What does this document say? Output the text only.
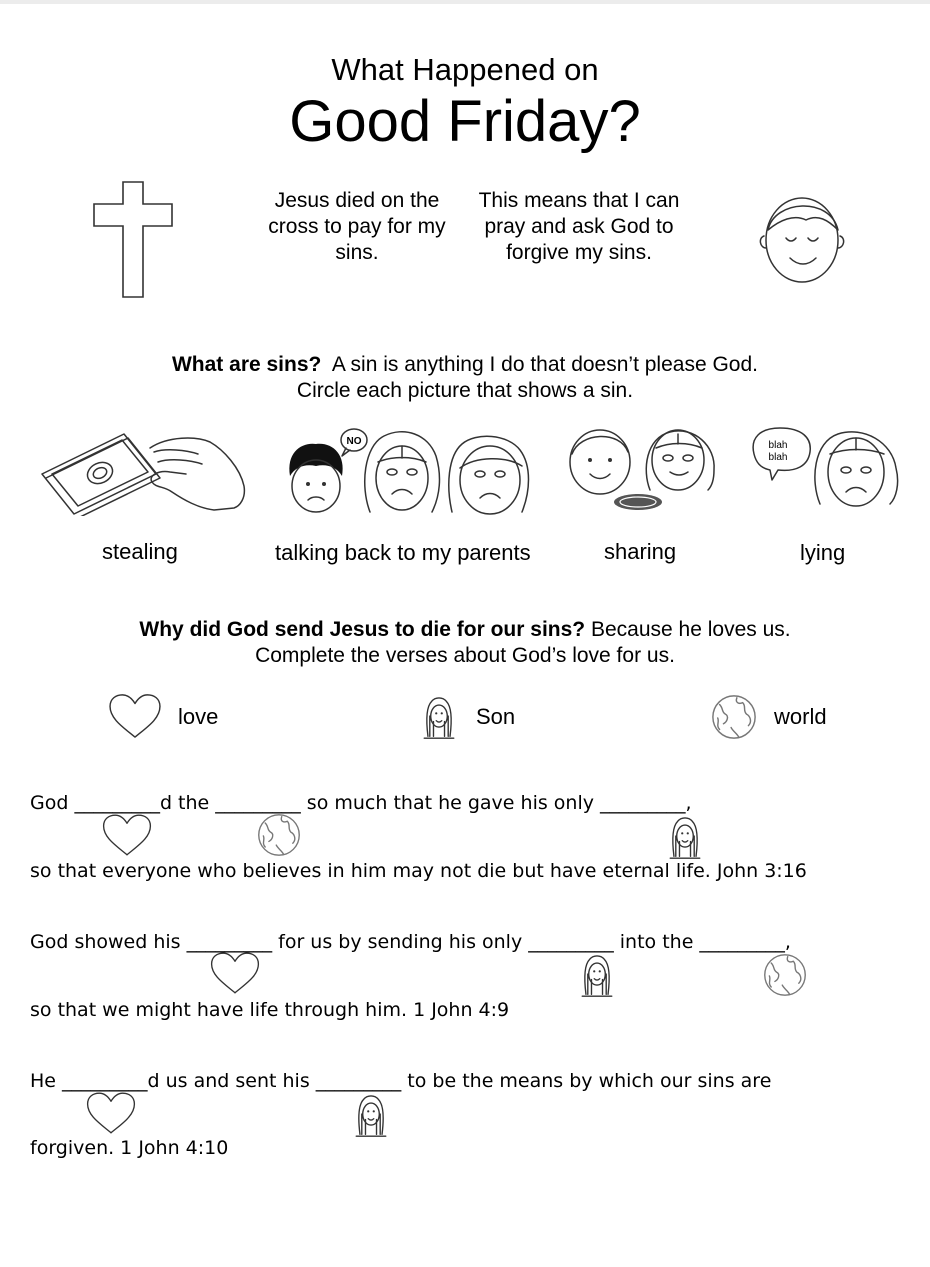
What Happened on
Good Friday?
Jesus died on the cross to pay for my sins.
This means that I can pray and ask God to forgive my sins.
What are sins? A sin is anything I do that doesn’t please God.
Circle each picture that shows a sin.
stealing
NO
talking back to my parents	sharing
blah
blah
lying
Why did God send Jesus to die for our sins? Because he loves us.
Complete the verses about God’s love for us.
love	Son	world
God _________d the _________ so much that he gave his only _________,
so that everyone who believes in him may not die but have eternal life. John 3:16
God showed his _________ for us by sending his only _________ into the _________,
so that we might have life through him. 1 John 4:9
He _________d us and sent his _________ to be the means by which our sins are
forgiven. 1 John 4:10
